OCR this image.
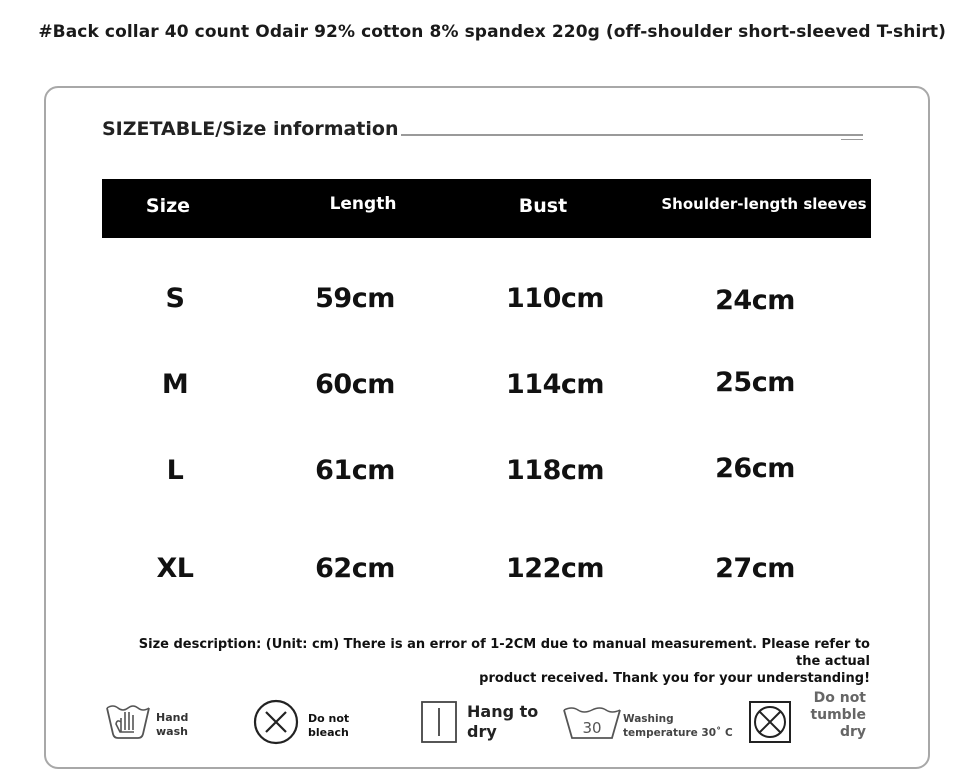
#Back collar 40 count Odair 92% cotton 8% spandex 220g (off-shoulder short-sleeved T-shirt)
SIZETABLE/Size information
Size	Length	Bust	Shoulder-length sleeves
S	59cm	110cm	24cm
M	60cm	114cm	25cm
L	61cm	118cm	26cm
XL	62cm	122cm	27cm
Size description: (Unit: cm) There is an error of 1-2CM due to manual measurement. Please refer to the actual
product received. Thank you for your understanding!
Hand
wash
Do not
bleach
Hang to
dry	30 Washing
temperature 30˚ C
Do not
tumble
dry
